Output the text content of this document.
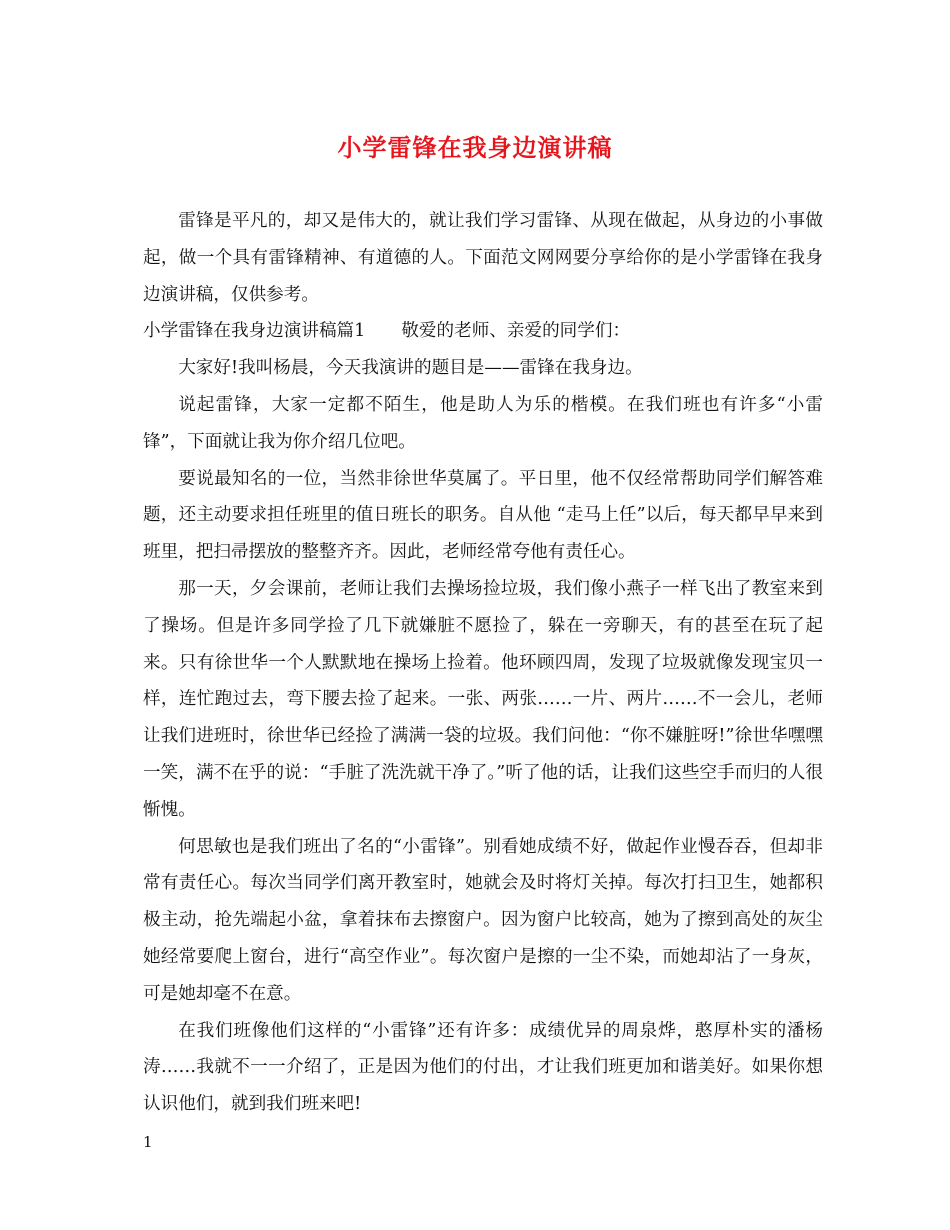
小学雷锋在我身边演讲稿

雷锋是平凡的，却又是伟大的，就让我们学习雷锋、从现在做起，从身边的小事做起，做一个具有雷锋精神、有道德的人。下面范文网网要分享给你的是小学雷锋在我身边演讲稿，仅供参考。

小学雷锋在我身边演讲稿篇1 敬爱的老师、亲爱的同学们：

大家好!我叫杨晨，今天我演讲的题目是——雷锋在我身边。

说起雷锋，大家一定都不陌生，他是助人为乐的楷模。在我们班也有许多“小雷锋”，下面就让我为你介绍几位吧。

要说最知名的一位，当然非徐世华莫属了。平日里，他不仅经常帮助同学们解答难题，还主动要求担任班里的值日班长的职务。自从他 “走马上任”以后，每天都早早来到班里，把扫帚摆放的整整齐齐。因此，老师经常夸他有责任心。

那一天，夕会课前，老师让我们去操场捡垃圾，我们像小燕子一样飞出了教室来到了操场。但是许多同学捡了几下就嫌脏不愿捡了，躲在一旁聊天，有的甚至在玩了起来。只有徐世华一个人默默地在操场上捡着。他环顾四周，发现了垃圾就像发现宝贝一样，连忙跑过去，弯下腰去捡了起来。一张、两张……一片、两片……不一会儿，老师让我们进班时，徐世华已经捡了满满一袋的垃圾。我们问他：“你不嫌脏呀!”徐世华嘿嘿一笑，满不在乎的说：“手脏了洗洗就干净了。”听了他的话，让我们这些空手而归的人很惭愧。

何思敏也是我们班出了名的“小雷锋”。别看她成绩不好，做起作业慢吞吞，但却非常有责任心。每次当同学们离开教室时，她就会及时将灯关掉。每次打扫卫生，她都积极主动，抢先端起小盆，拿着抹布去擦窗户。因为窗户比较高，她为了擦到高处的灰尘她经常要爬上窗台，进行“高空作业”。每次窗户是擦的一尘不染，而她却沾了一身灰，可是她却毫不在意。

在我们班像他们这样的“小雷锋”还有许多：成绩优异的周泉烨，憨厚朴实的潘杨涛……我就不一一介绍了，正是因为他们的付出，才让我们班更加和谐美好。如果你想认识他们，就到我们班来吧!

1
